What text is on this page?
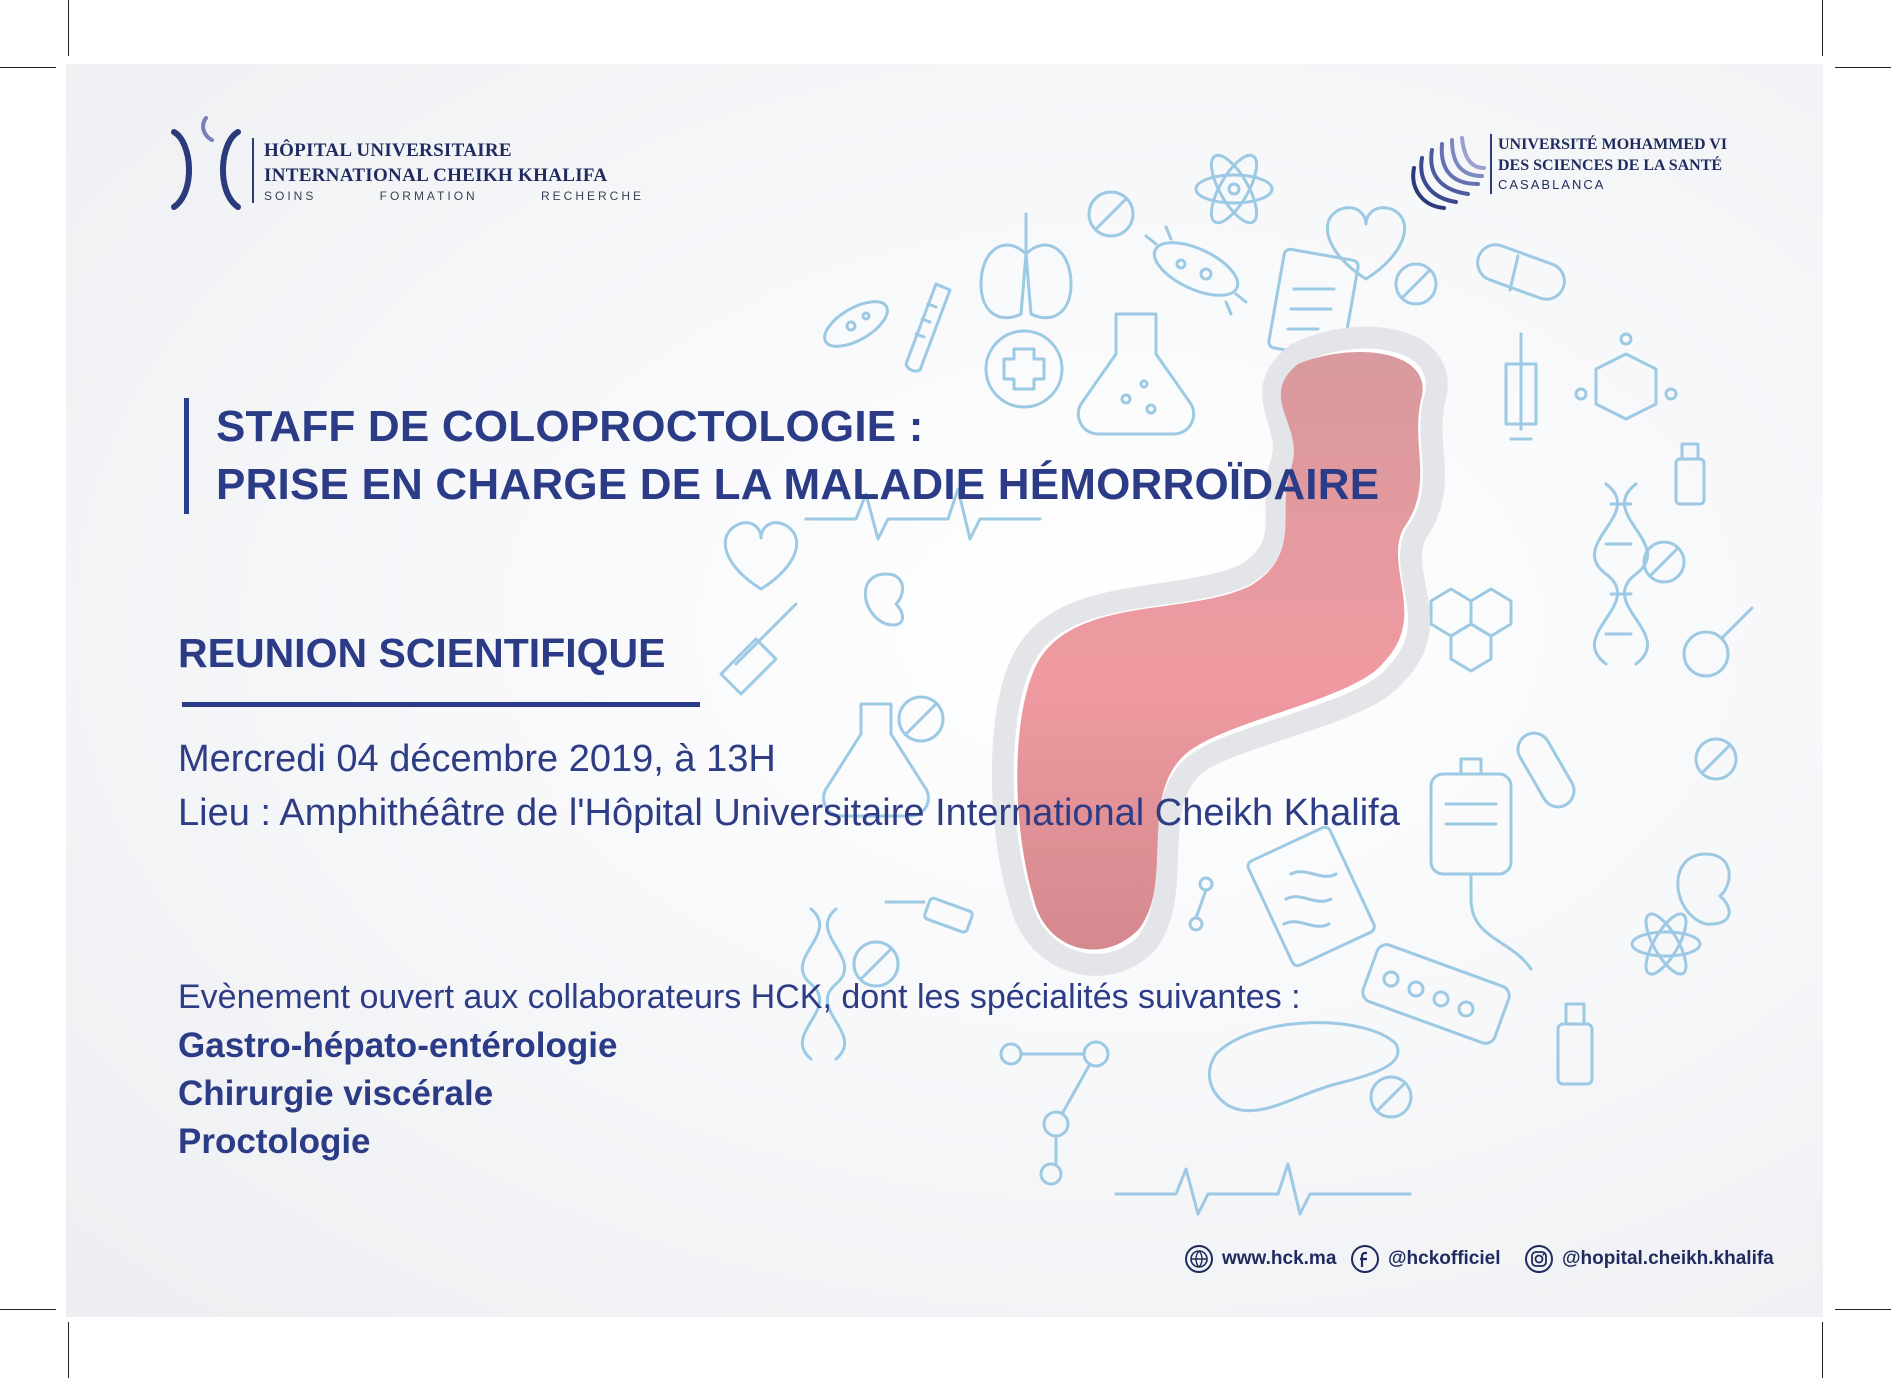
HÔPITAL UNIVERSITAIRE
INTERNATIONAL CHEIKH KHALIFA
SOINS	FORMATION	RECHERCHE
UNIVERSITÉ MOHAMMED VI
DES SCIENCES DE LA SANTÉ
CASABLANCA
STAFF DE COLOPROCTOLOGIE :
PRISE EN CHARGE DE LA MALADIE HÉMORROÏDAIRE
REUNION SCIENTIFIQUE
Mercredi 04 décembre 2019, à 13H
Lieu : Amphithéâtre de l'Hôpital Universitaire International Cheikh Khalifa
Evènement ouvert aux collaborateurs HCK, dont les spécialités suivantes :
Gastro-hépato-entérologie
Chirurgie viscérale
Proctologie
www.hck.ma	@hckofficiel	@hopital.cheikh.khalifa
